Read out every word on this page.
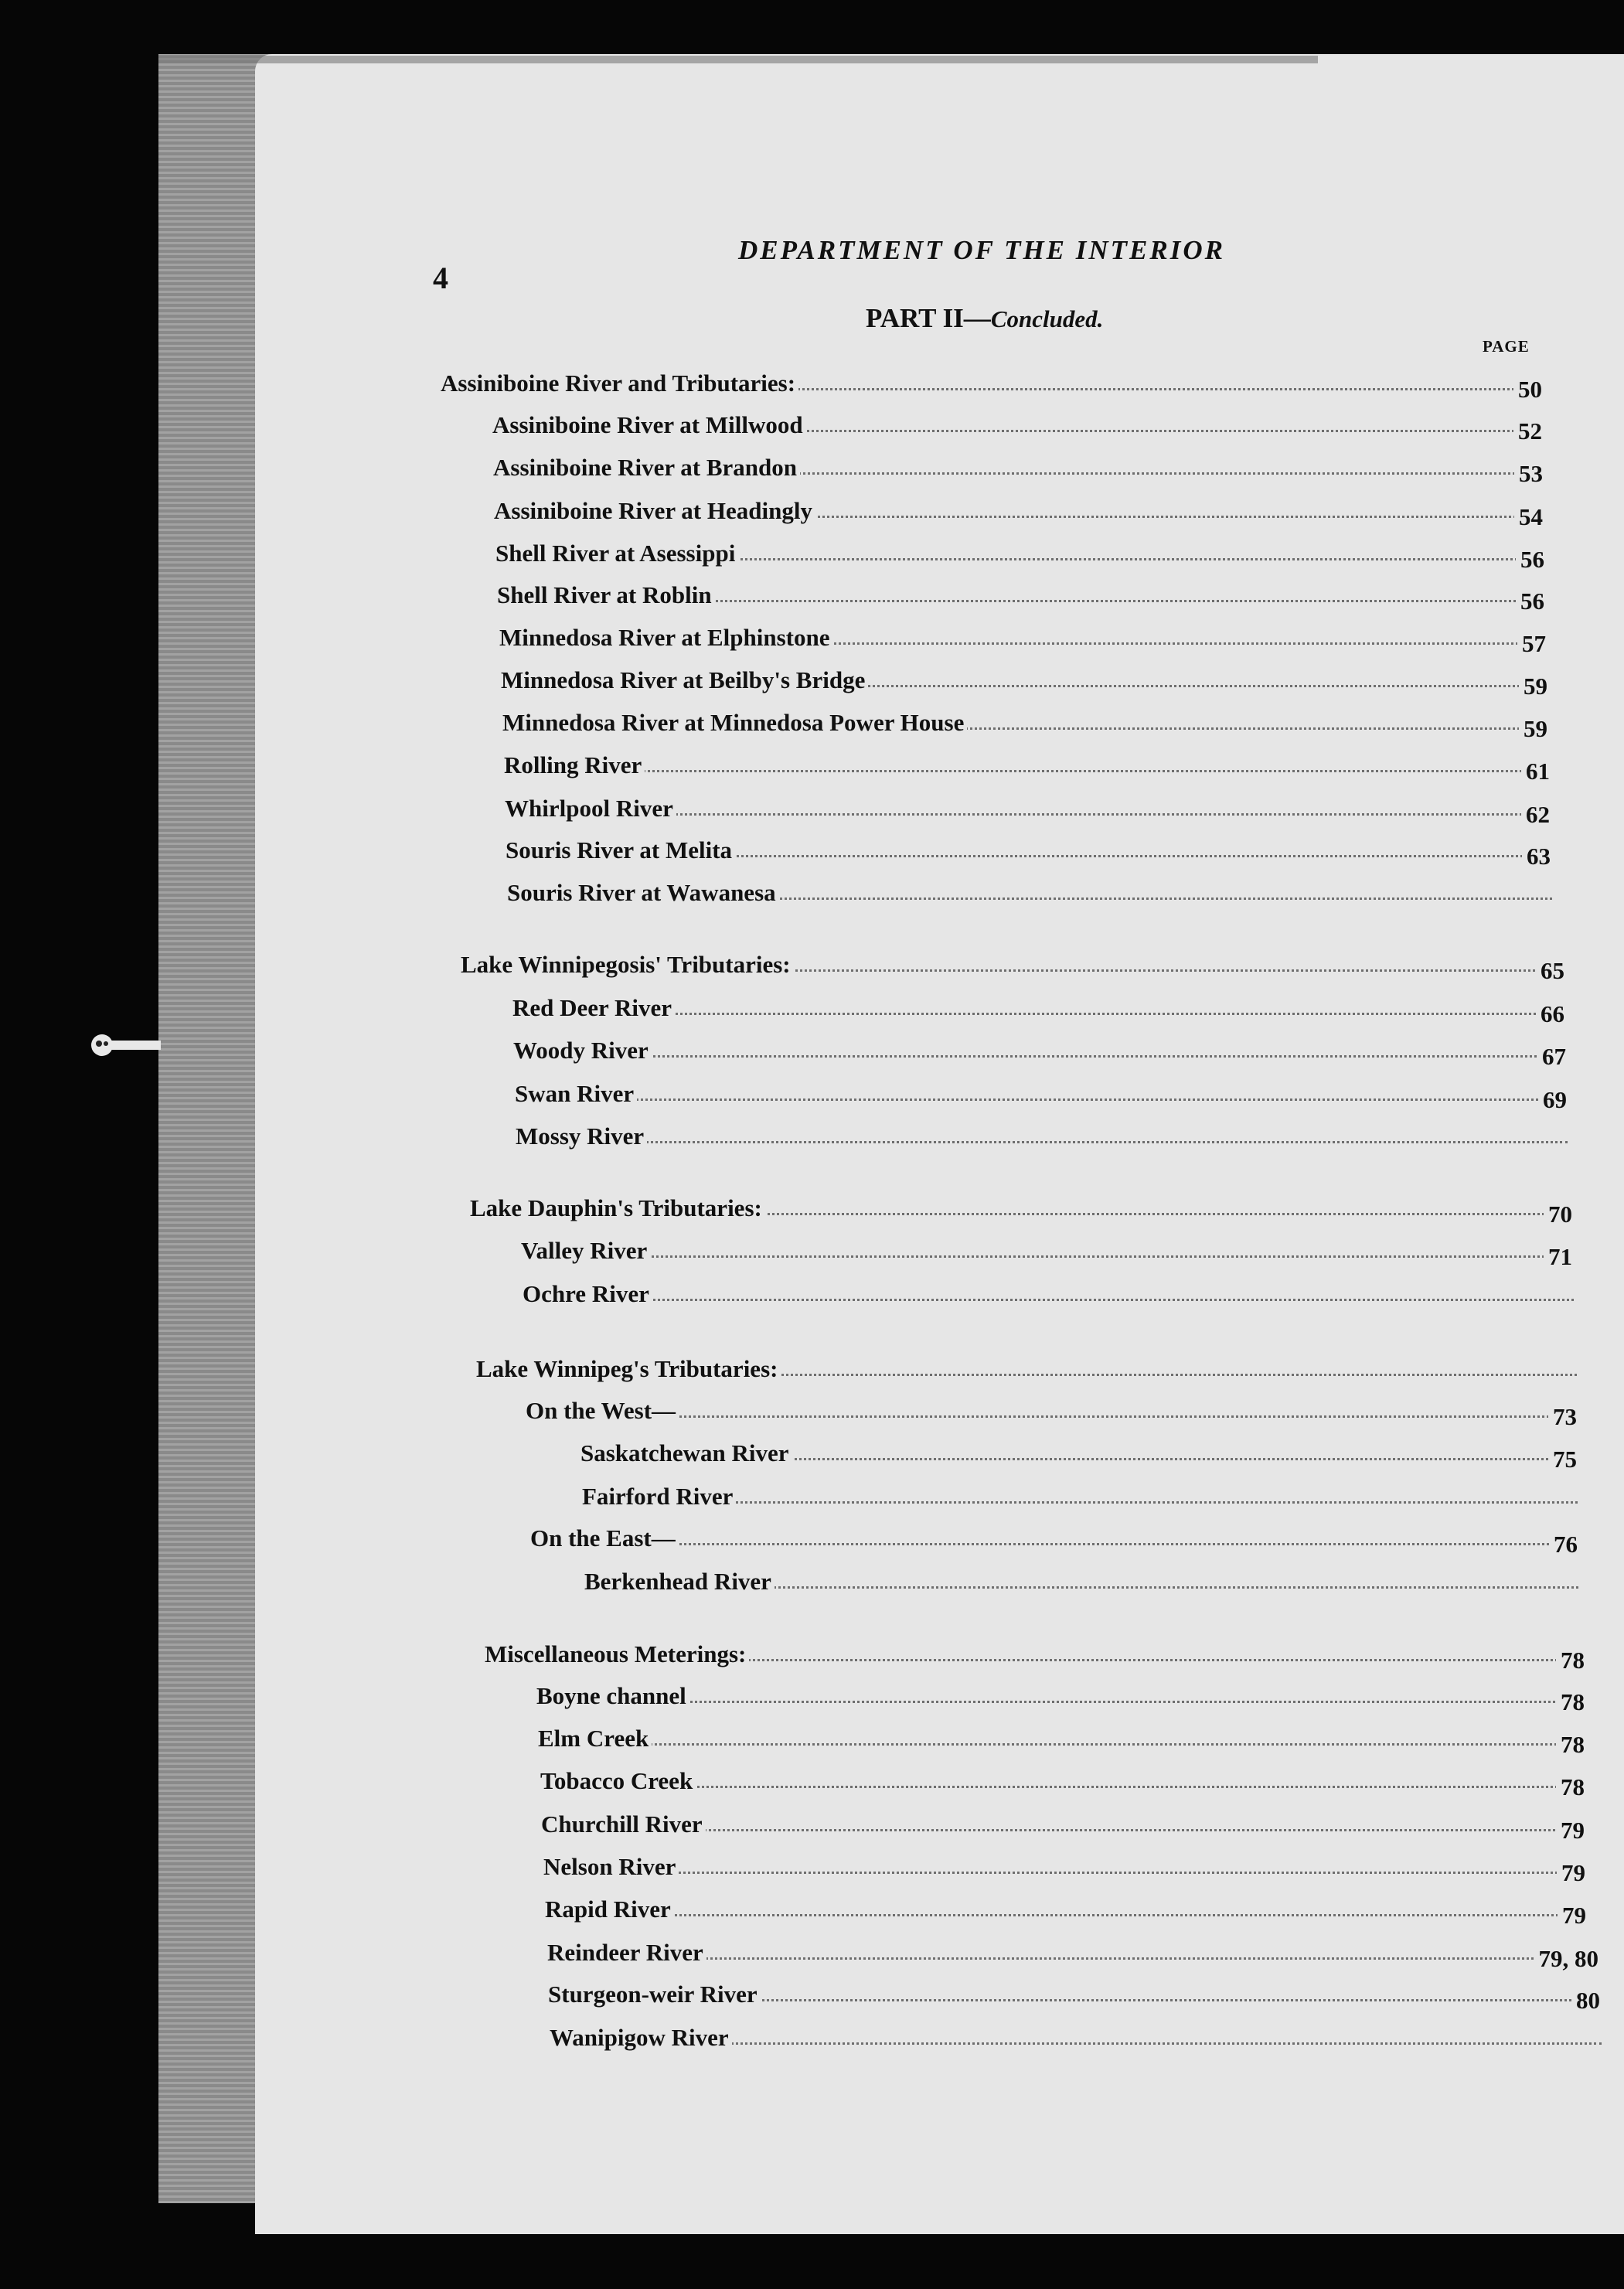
4
DEPARTMENT OF THE INTERIOR
PART II—Concluded.
PAGE
Assiniboine River and Tributaries:	50
Assiniboine River at Millwood	52
Assiniboine River at Brandon	53
Assiniboine River at Headingly	54
Shell River at Asessippi	56
Shell River at Roblin	56
Minnedosa River at Elphinstone	57
Minnedosa River at Beilby's Bridge	59
Minnedosa River at Minnedosa Power House	59
Rolling River	61
Whirlpool River	62
Souris River at Melita	63
Souris River at Wawanesa
Lake Winnipegosis' Tributaries:	65
Red Deer River	66
Woody River	67
Swan River	69
Mossy River
Lake Dauphin's Tributaries:	70
Valley River	71
Ochre River
Lake Winnipeg's Tributaries:
On the West—	73
Saskatchewan River	75
Fairford River
On the East—	76
Berkenhead River
Miscellaneous Meterings:	78
Boyne channel	78
Elm Creek	78
Tobacco Creek	78
Churchill River	79
Nelson River	79
Rapid River	79
Reindeer River	79, 80
Sturgeon-weir River	80
Wanipigow River
